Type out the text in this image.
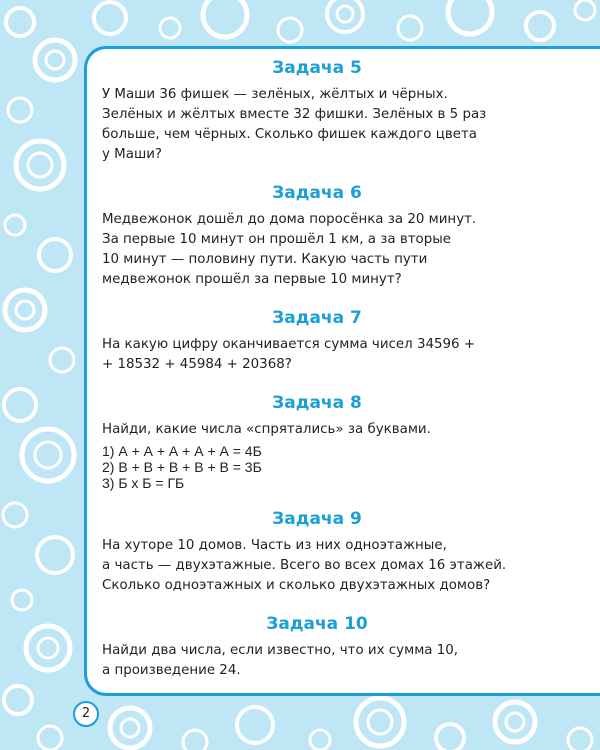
Задача 5

У Маши 36 фишек — зелёных, жёлтых и чёрных.
Зелёных и жёлтых вместе 32 фишки. Зелёных в 5 раз
больше, чем чёрных. Сколько фишек каждого цвета
у Маши?

Задача 6

Медвежонок дошёл до дома поросёнка за 20 минут.
За первые 10 минут он прошёл 1 км, а за вторые
10 минут — половину пути. Какую часть пути
медвежонок прошёл за первые 10 минут?

Задача 7

На какую цифру оканчивается сумма чисел 34596 +
+ 18532 + 45984 + 20368?

Задача 8

Найди, какие числа «спрятались» за буквами.

1) А + А + А + А + А = 4Б
2) В + В + В + В + В = 3Б
3) Б х Б = ГБ
Задача 9

На хуторе 10 домов. Часть из них одноэтажные,
а часть — двухэтажные. Всего во всех домах 16 этажей.
Сколько одноэтажных и сколько двухэтажных домов?

Задача 10

Найди два числа, если известно, что их сумма 10,
а произведение 24.

2
